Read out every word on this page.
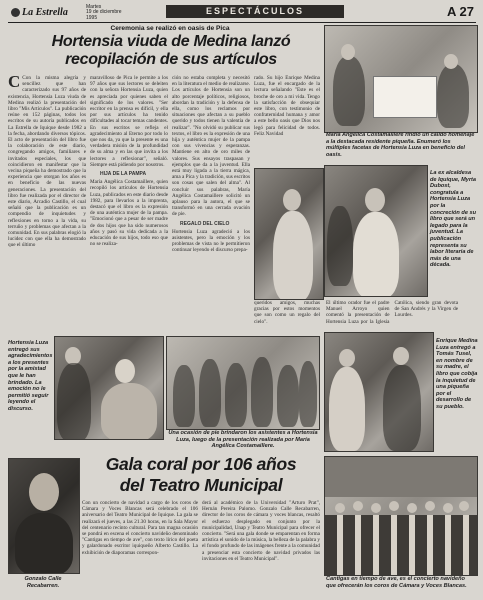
La Estrella	Martes
19 de diciembre
1995
ESPECTÁCULOS	A 27
Ceremonia se realizó en oasis de Pica
Hortensia viuda de Medina lanzó
recopilación de sus artículos
C Con la misma alegría y sencillez que han caracterizado sus 97 años de existencia, Hortensia Luza viuda de Medina realizó la presentación del libro "Mis Artículos". La publicación reúne en 152 páginas, todos los escritos de su autoría publicados en La Estrella de Iquique desde 1982 a la fecha, abordando diversos tópicos. El acto de presentación del libro fue la colaboración de este diario, congregando amigos, familiares e invitados especiales, los que coincidieron en manifestar que la vecina piqueña ha demostrado que la experiencia que otorgan los años es en beneficio de las nuevas generaciones. La presentación del libro fue realizada por el director de este diario, Arcadio Castillo, el cual señaló que la publicación es un compendio de inquietudes y reflexiones en torno a la vida, su terruño y problemas que afectan a la comunidad. En sus palabras elogió la lucidez con que ella ha demostrado que el último
maravilloso de Pica le permite a los 97 años que sus lectores se deleiten con la señora Hortensia Luza, quien es apreciada por quienes saben el significado de los valores. "Ser escritor en la prensa es difícil, y ella por sus artículos ha tenido dificultades al tocar temas candentes. En sus escritos se refleja el agradecimiento al Eterno por todo lo que nos da, ya que la presente es una verdadera misión de la profundidad de su alma y en las que invita a los lectores a reflexionar", señaló. Siempre está pidiendo por nosotros.
HIJA DE LA PAMPA
María Angélica Costamaillere, quien recopiló los artículos de Hortensia Luza, publicados en este diario desde 1982, para llevarlos a la imprenta, destacó que el libro es la expresión de una auténtica mujer de la pampa. "Emocionó que a pesar de ser madre de dos hijos que ha sido numerosos años y pasó su vida dedicada a la educación de sus hijos, todo eso que no se realiza-
ción no estaba completa y necesitó en la literatura el medio de realizarse. Los artículos de Hortensia son un alto porcentaje políticos, religiosos, abordan la tradición y la defensa de ella, como los reclamos por situaciones que afectan a su pueblo querido y todos tienen la valentía de realizar". "No olvidó su publicar sus textos, el libro es la expresión de una hija y auténtica mujer de la pampa con sus vivencias y esperanzas. Mantiene en alto de oro miles de valores. Sus ensayos traspasan y ejemplos que da a la juventud. Ella está muy ligada a la tierra mágica, ama a Pica y la tradición, sus escritos son cosas que salen del alma". Al concluir sus palabras, María Angélica Costamaillere solicitó un aplauso para la autora, el que se transformó en una cerrada ovación de pie.
REGALO DEL CIELO
Hortensia Luza agradeció a los asistentes, pero la emoción y los problemas de vista no le permitieron continuar leyendo el discurso prepa-
rado. Su hijo Enrique Medina Luza, fue el encargado de la lectura señalando "Este es el broche de oro a mi vida. Tengo la satisfacción de obsequiar este libro, con testimonio de confraternidad humana y amor a este bello oasis que Dios nos legó para felicidad de todos. Feliz Navidad
queridos amigos, muchas gracias por estos momentos que son como un regalo del cielo".
El último orador fue el padre Manuel Arroyo quien comentó la presentación de Hortensia Luza por la Iglesia Católica, siendo gran devota de San Andrés y la Virgen de Lourdes.
María Angélica Costamaillere rindió un cálido homenaje a la destacada residente piqueña. Enumeró los múltiples facetas de Hortensia Luza en beneficio del oasis.
La ex alcaldesa de Iquique, Myrta Dubost, congratula a Hortensia Luza por la concreción de su libro que será un legado para la juventud. La publicación representa su labor literaria de más de una década.
Hortensia Luza entregó sus agradecimientos a los presentes por la amistad que le han brindado. La emoción no le permitió seguir leyendo el discurso.
Una ocasión de pie brindaron los asistentes a Hortensia Luza, luego de la presentación realizada por María Angélica Costamaillere.
Enrique Medina Luza entregó a Tomás Tusel, en nombre de su madre, el libro que cobija la inquietud de una piqueña por el desarrollo de su pueblo.
Gonzalo Calle Recabarren.
Gala coral por 106 años
del Teatro Municipal
Con un concierto de navidad a cargo de los coros de Cámara y Voces Blancas será celebrado el 106 aniversario del Teatro Municipal de Iquique. La gala se realizará el jueves, a las 21.30 horas, en la Sala Mayor del centenario recinto cultural. Para tan magna ocasión se pondrá en escena el concierto navideño denominado "Cantigas en tiempo de ave", con texto lírico del poeta y galardonado escritor iquiqueño Alberto Castillo. La exhibición de diaporamas correspon-
derá al académico de la Universidad "Arturo Prat", Hernán Pereira Palomo. Gonzalo Calle Recabarren, director de los coros de cámara y voces blancas, resaltó el esfuerzo desplegado en conjunto por la municipalidad, Unap y Teatro Municipal para ofrecer el concierto. "Será una gala donde se emparentan en forma artística el sonido de la música, la belleza de la palabra y el fondo profundo de las imágenes frente a la comunidad a presenciar esta concierto de navidad privados las invitaciones en el Teatro Municipal".
Cantigas en tiempo de ave, es el concierto navideño que ofrecerán los coros de Cámara y Voces Blancas.
